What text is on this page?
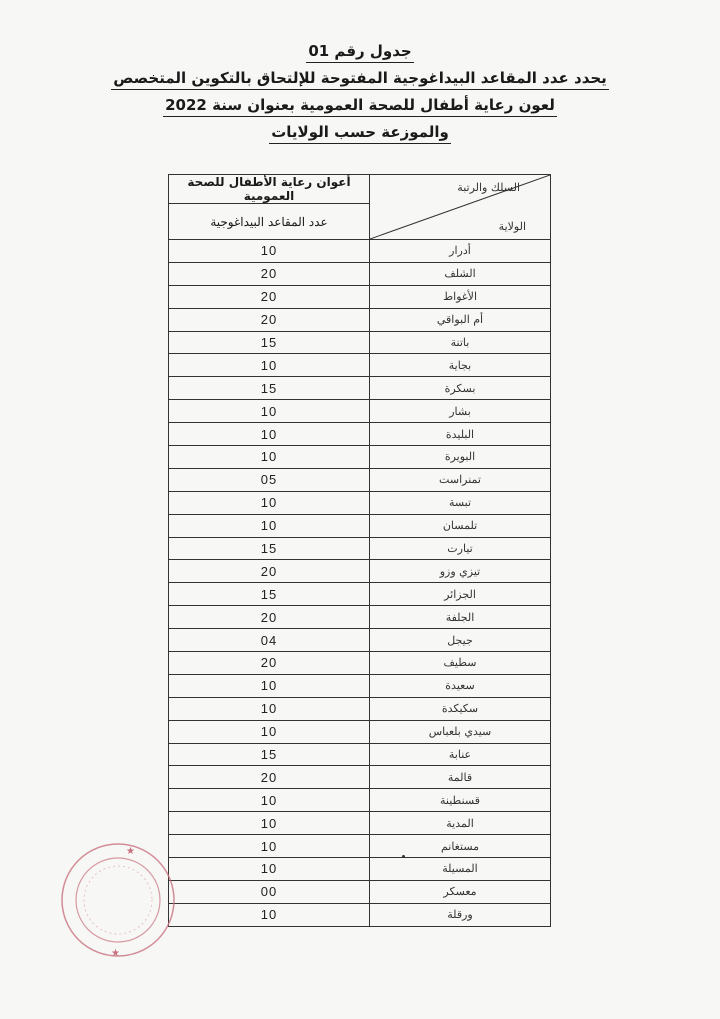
جدول رقم 01
يحدد عدد المقاعد البيداغوجية المفتوحة للإلتحاق بالتكوين المتخصص
لعون رعاية أطفال للصحة العمومية بعنوان سنة 2022
والموزعة حسب الولايات
السلك والرتبة
الولاية	أعوان رعاية الأطفال للصحة العمومية
	عدد المقاعد البيداغوجية
أدرار	10
الشلف	20
الأغواط	20
أم البواقي	20
باتنة	15
بجاية	10
بسكرة	15
بشار	10
البليدة	10
البويرة	10
تمنراست	05
تبسة	10
تلمسان	10
تيارت	15
تيزي وزو	20
الجزائر	15
الجلفة	20
جيجل	04
سطيف	20
سعيدة	10
سكيكدة	10
سيدي بلعباس	10
عنابة	15
قالمة	20
قسنطينة	10
المدية	10
مستغانم	10
المسيلة	10
معسكر	00
ورقلة	10
★
★
